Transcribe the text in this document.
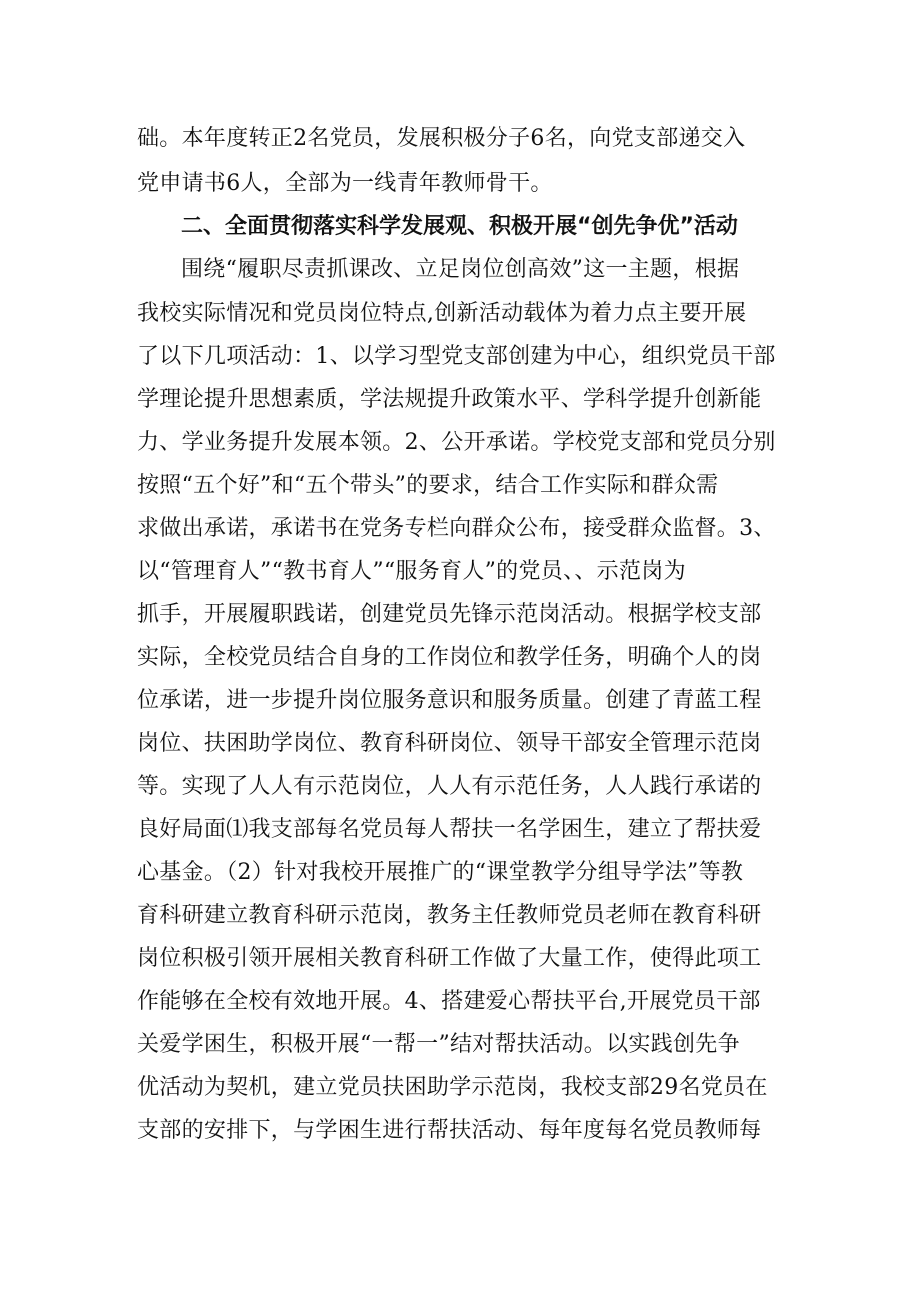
础。本年度转正2名党员，发展积极分子6名，向党支部递交入
党申请书6人，全部为一线青年教师骨干。
二、全面贯彻落实科学发展观、积极开展“创先争优”活动
围绕“履职尽责抓课改、立足岗位创高效”这一主题，根据
我校实际情况和党员岗位特点,创新活动载体为着力点主要开展
了以下几项活动：1、以学习型党支部创建为中心，组织党员干部
学理论提升思想素质，学法规提升政策水平、学科学提升创新能
力、学业务提升发展本领。2、公开承诺。学校党支部和党员分别
按照“五个好”和“五个带头”的要求，结合工作实际和群众需
求做出承诺，承诺书在党务专栏向群众公布，接受群众监督。3、
以“管理育人”“教书育人”“服务育人”的党员、、示范岗为
抓手，开展履职践诺，创建党员先锋示范岗活动。根据学校支部
实际，全校党员结合自身的工作岗位和教学任务，明确个人的岗
位承诺，进一步提升岗位服务意识和服务质量。创建了青蓝工程
岗位、扶困助学岗位、教育科研岗位、领导干部安全管理示范岗
等。实现了人人有示范岗位，人人有示范任务，人人践行承诺的
良好局面⑴我支部每名党员每人帮扶一名学困生，建立了帮扶爱
心基金。（2）针对我校开展推广的“课堂教学分组导学法”等教
育科研建立教育科研示范岗，教务主任教师党员老师在教育科研
岗位积极引领开展相关教育科研工作做了大量工作，使得此项工
作能够在全校有效地开展。4、搭建爱心帮扶平台,开展党员干部
关爱学困生，积极开展“一帮一”结对帮扶活动。以实践创先争
优活动为契机，建立党员扶困助学示范岗，我校支部29名党员在
支部的安排下，与学困生进行帮扶活动、每年度每名党员教师每
